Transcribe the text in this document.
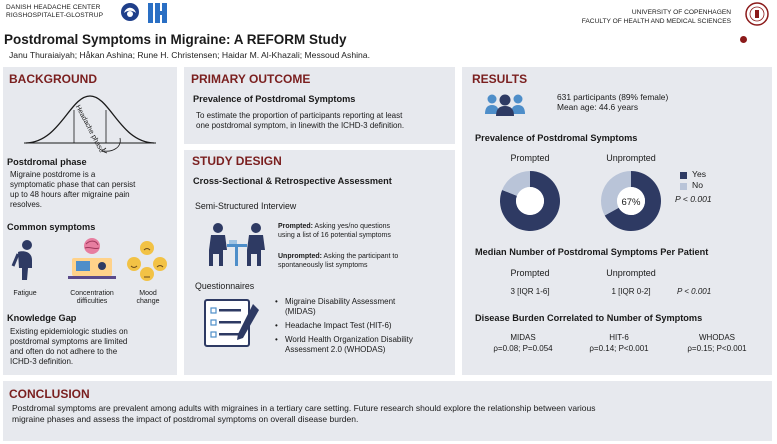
DANISH HEADACHE CENTER
RIGSHOSPITALET-GLOSTRUP	UNIVERSITY OF COPENHAGEN
FACULTY OF HEALTH AND MEDICAL SCIENCES
Postdromal Symptoms in Migraine: A REFORM Study
Janu Thuraiaiyah; Håkan Ashina; Rune H. Christensen; Haidar M. Al-Khazali; Messoud Ashina.
BACKGROUND
Postdromal phase
Migraine postdrome is a
symptomatic phase that can persist
up to 48 hours after migraine pain
resolves.
Common symptoms
Fatigue	Concentration
difficulties
Mood
change
Knowledge Gap
Existing epidemiologic studies on
postdromal symptoms are limited
and often do not adhere to the
ICHD-3 definition.
PRIMARY OUTCOME
Prevalence of Postdromal Symptoms
To estimate the proportion of participants reporting at least
one postdromal symptom, in linewith the ICHD-3 definition.
STUDY DESIGN
Cross-Sectional & Retrospective Assessment
Semi-Structured Interview
Prompted: Asking yes/no questions
using a list of 16 potential symptoms
Unprompted: Asking the participant to
spontaneously list symptoms
Questionnaires
• Migraine Disability Assessment
(MIDAS)
• Headache Impact Test (HIT-6)
• World Health Organization Disability
Assessment 2.0 (WHODAS)
RESULTS
631 participants (89% female)
Mean age: 44.6 years
Prevalence of Postdromal Symptoms
Prompted	Unprompted
81%	67%
Yes
No
P < 0.001
Median Number of Postdromal Symptoms Per Patient
Prompted	Unprompted
3 [IQR 1-6]	1 [IQR 0-2]	P < 0.001
Disease Burden Correlated to Number of Symptoms
MIDAS
ρ=0.08; P=0.054
HIT-6
ρ=0.14; P<0.001
WHODAS
ρ=0.15; P<0.001
CONCLUSION
Postdromal symptoms are prevalent among adults with migraines in a tertiary care setting. Future research should explore the relationship between various
migraine phases and assess the impact of postdromal symptoms on overall disease burden.
